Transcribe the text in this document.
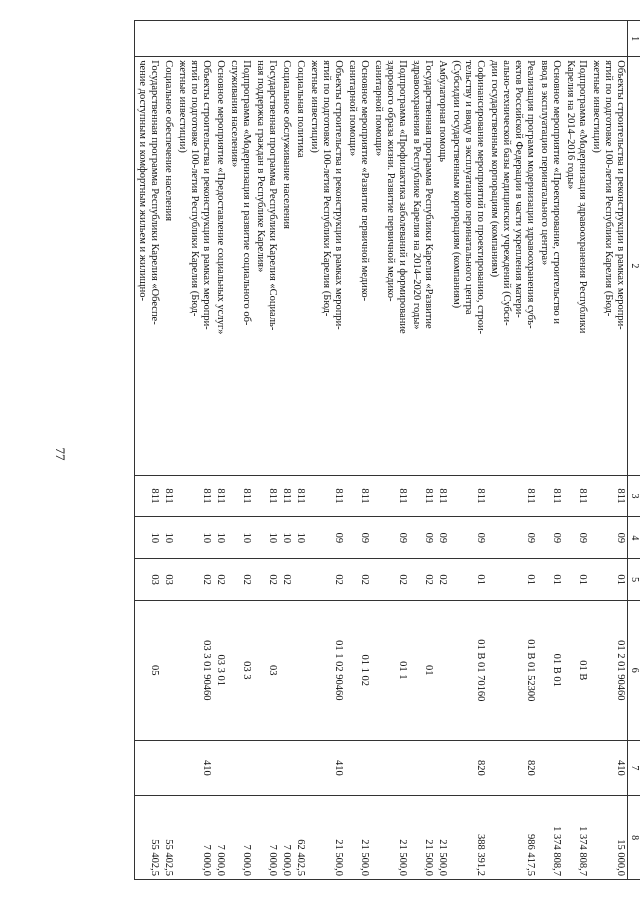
77
1	2	3	4	5	6	7	8

	Объекты строительства и реконструкции в рамках меропри-
ятий по подготовке 100-летия Республики Карелия (Бюд-
жетные инвестиции)	811	09	01	01 2 01 90460	410	15 000,0

	Подпрограмма «Модернизация здравоохранения Республики
Карелия на 2014–2016 годы»	811	09	01	01 В		1 374 808,7

	Основное мероприятие «Проектирование, строительство и
ввод в эксплуатацию перинатального центра»	811	09	01	01 В 01		1 374 808,7

	Реализация программ модернизации здравоохранения субъ-
ектов Российской Федерации в части укрепления матери-
ально-технической базы медицинских учреждений (Субси-
дии государственным корпорациям (компаниям)	811	09	01	01 В 01 52300	820	986 417,5

	Софинансирование мероприятий по проектированию, строи-
тельству и вводу в эксплуатацию перинатального центра
(Субсидии государственным корпорациям (компаниям)	811	09	01	01 В 01 70160	820	388 391,2

	Амбулаторная помощь	811	09	02			21 500,0

	Государственная программа Республики Карелия «Развитие
здравоохранения в Республике Карелия на 2014–2020 годы»	811	09	02	01		21 500,0

	Подпрограмма «Профилактика заболеваний и формирование
здорового образа жизни. Развитие первичной медико-
санитарной помощи»	811	09	02	01 1		21 500,0

	Основное мероприятие «Развитие первичной медико-
санитарной помощи»	811	09	02	01 1 02		21 500,0

	Объекты строительства и реконструкции в рамках меропри-
ятий по подготовке 100-летия Республики Карелия (Бюд-
жетные инвестиции)	811	09	02	01 1 02 90460	410	21 500,0

	Социальная политика	811	10				62 402,5

	Социальное обслуживание населения	811	10	02			7 000,0

	Государственная программа Республики Карелия «Социаль-
ная поддержка граждан в Республике Карелия»	811	10	02	03		7 000,0

	Подпрограмма «Модернизация и развитие социального об-
служивания населения»	811	10	02	03 3		7 000,0

	Основное мероприятие «Предоставление социальных услуг»	811	10	02	03 3 01		7 000,0

	Объекты строительства и реконструкции в рамках меропри-
ятий по подготовке 100-летия Республики Карелия (Бюд-
жетные инвестиции)	811	10	02	03 3 01 90460	410	7 000,0

	Социальное обеспечение населения	811	10	03			55 402,5

	Государственная программа Республики Карелия «Обеспе-
чение доступным и комфортным жильем и жилищно-	811	10	03	05		55 402,5
